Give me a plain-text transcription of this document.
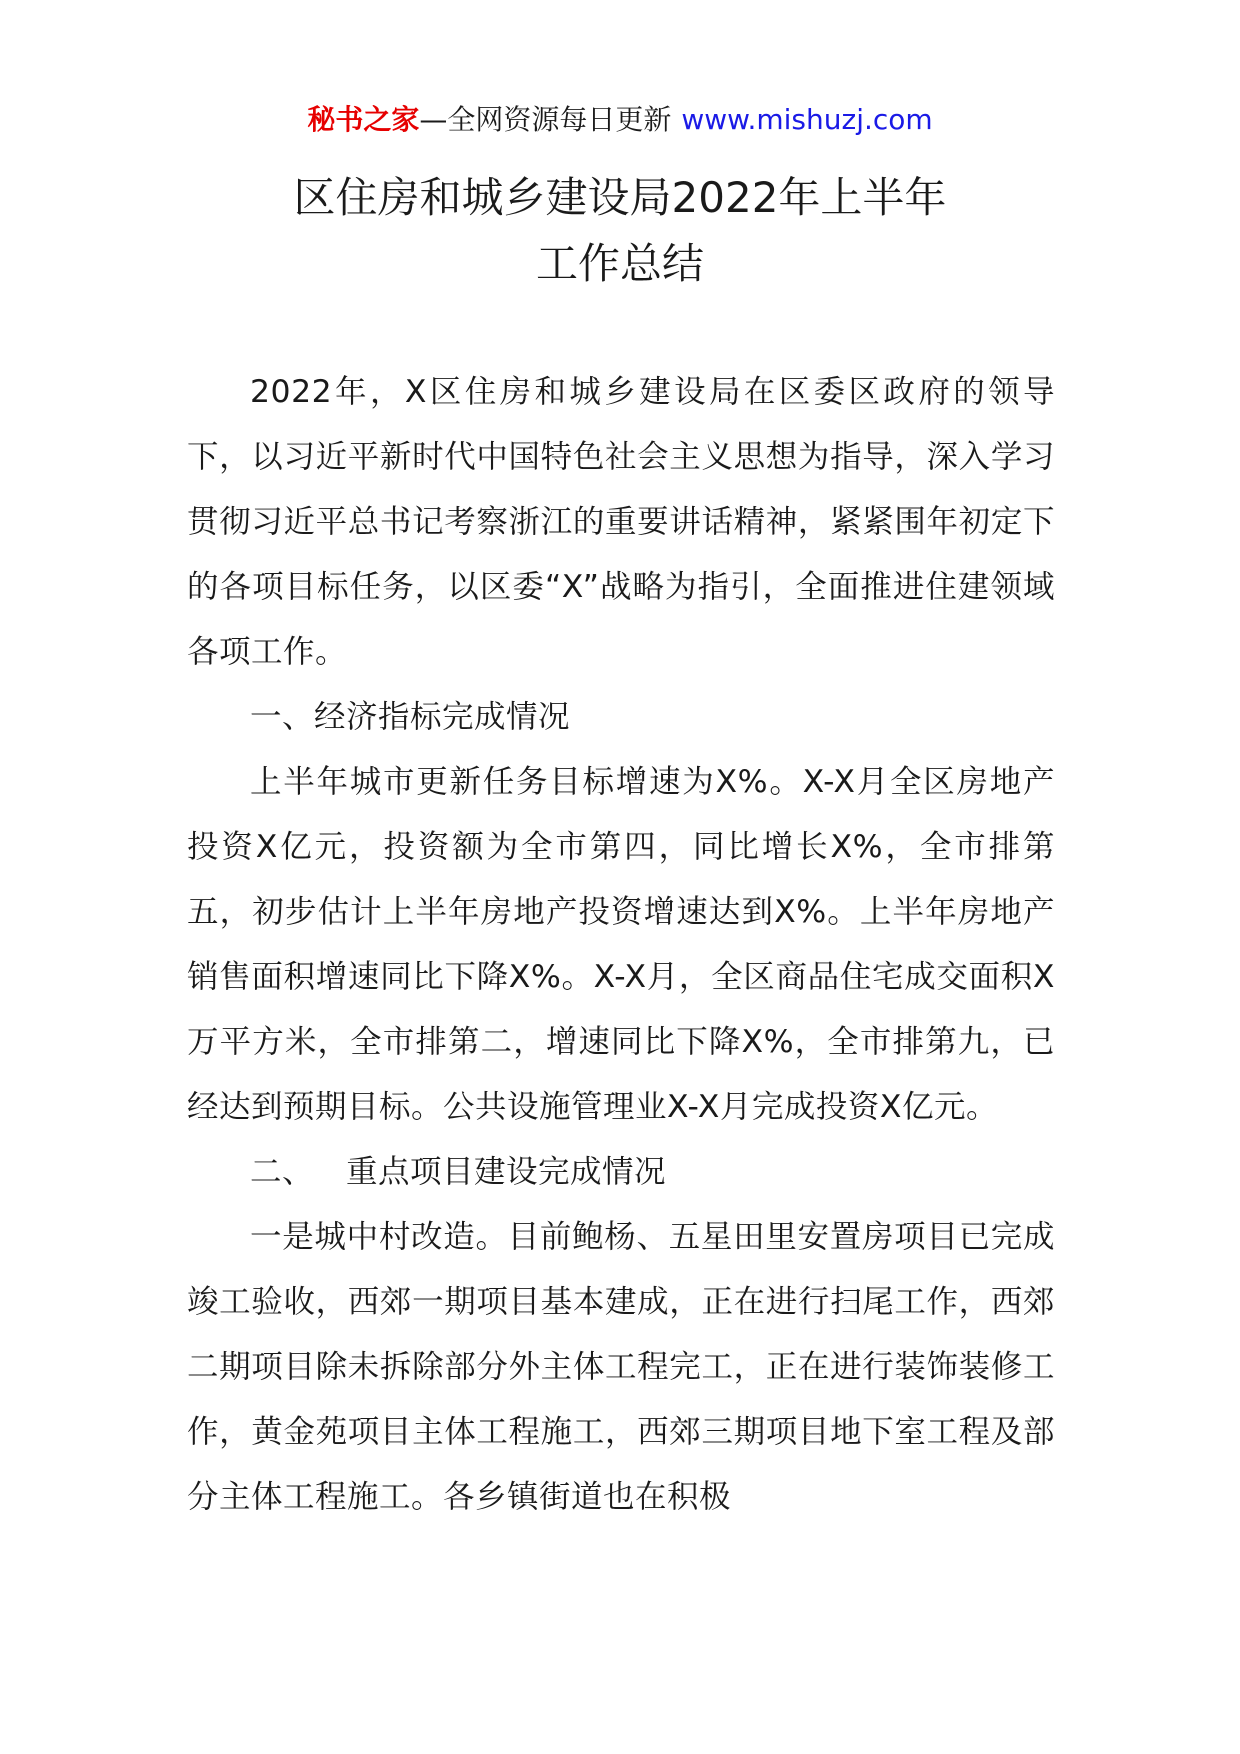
秘书之家—全网资源每日更新 www.mishuzj.com
区住房和城乡建设局2022年上半年
工作总结

2022年，X区住房和城乡建设局在区委区政府的领导下，以习近平新时代中国特色社会主义思想为指导，深入学习贯彻习近平总书记考察浙江的重要讲话精神，紧紧围年初定下的各项目标任务，以区委“X”战略为指引，全面推进住建领域各项工作。

一、经济指标完成情况

上半年城市更新任务目标增速为X%。X-X月全区房地产投资X亿元，投资额为全市第四，同比增长X%，全市排第五，初步估计上半年房地产投资增速达到X%。上半年房地产销售面积增速同比下降X%。X-X月，全区商品住宅成交面积X万平方米，全市排第二，增速同比下降X%，全市排第九，已经达到预期目标。公共设施管理业X-X月完成投资X亿元。

二、 重点项目建设完成情况

一是城中村改造。目前鲍杨、五星田里安置房项目已完成竣工验收，西郊一期项目基本建成，正在进行扫尾工作，西郊二期项目除未拆除部分外主体工程完工，正在进行装饰装修工作，黄金苑项目主体工程施工，西郊三期项目地下室工程及部分主体工程施工。各乡镇街道也在积极
